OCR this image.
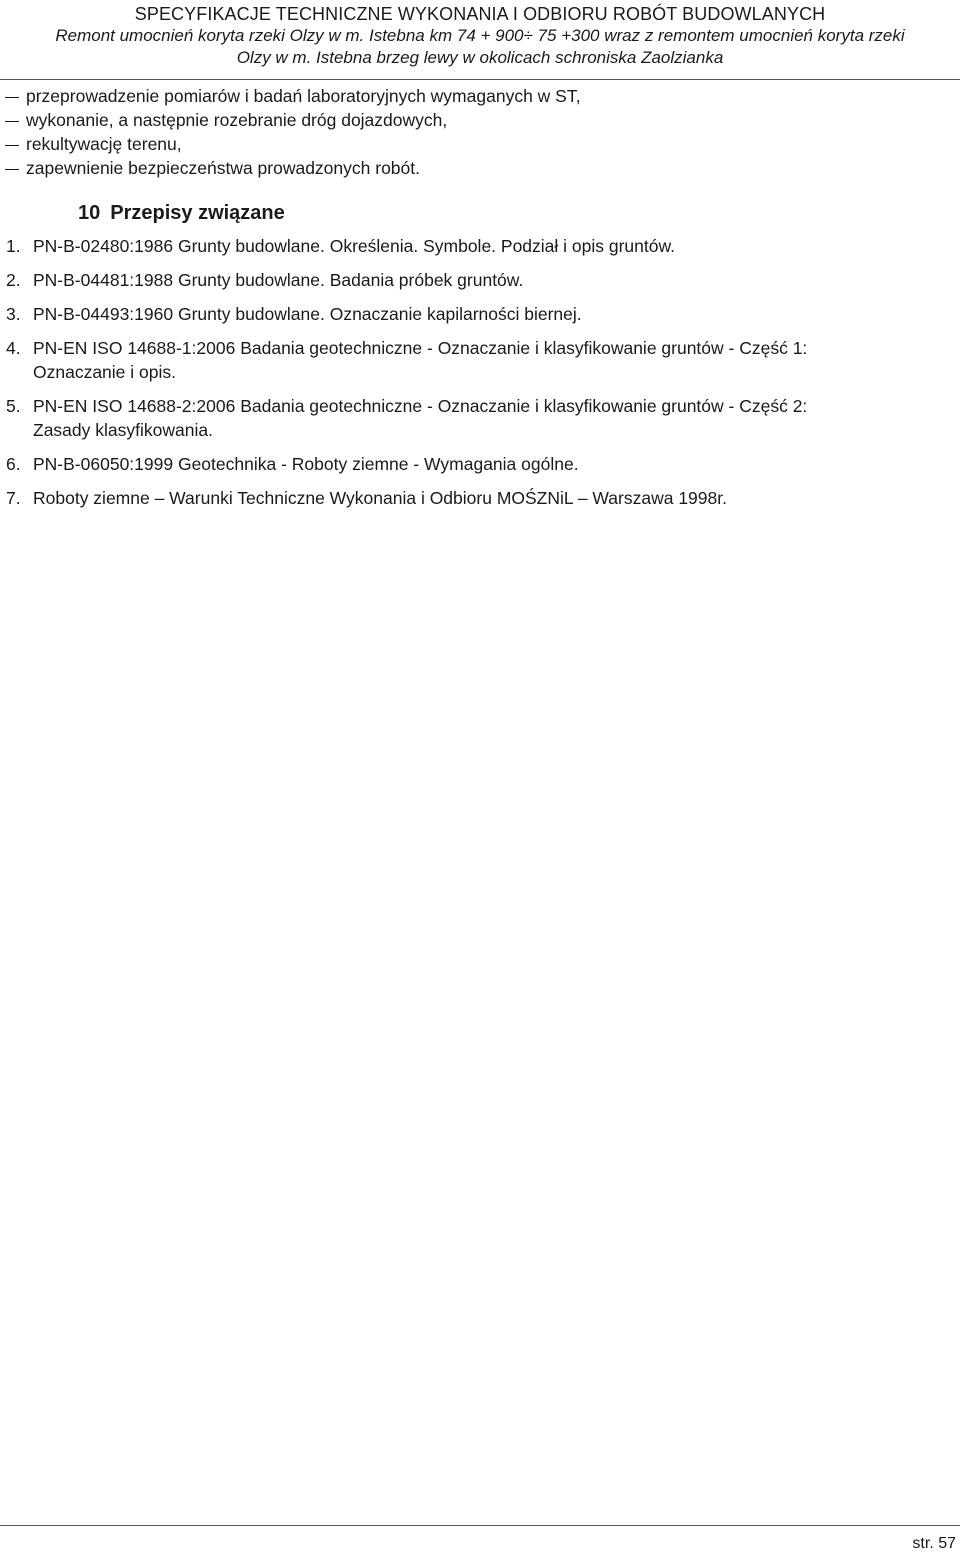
SPECYFIKACJE TECHNICZNE WYKONANIA I ODBIORU ROBÓT BUDOWLANYCH
Remont umocnień koryta rzeki Olzy w m. Istebna km 74 + 900÷ 75 +300 wraz z remontem umocnień koryta rzeki
Olzy w m. Istebna brzeg lewy w okolicach schroniska Zaolzianka
przeprowadzenie pomiarów i badań laboratoryjnych wymaganych w ST,
wykonanie, a następnie rozebranie dróg dojazdowych,
rekultywację terenu,
zapewnienie bezpieczeństwa prowadzonych robót.
10 Przepisy związane
1. PN-B-02480:1986 Grunty budowlane. Określenia. Symbole. Podział i opis gruntów.
2. PN-B-04481:1988 Grunty budowlane. Badania próbek gruntów.
3. PN-B-04493:1960 Grunty budowlane. Oznaczanie kapilarności biernej.
4. PN-EN ISO 14688-1:2006 Badania geotechniczne - Oznaczanie i klasyfikowanie gruntów - Część 1:
Oznaczanie i opis.
5. PN-EN ISO 14688-2:2006 Badania geotechniczne - Oznaczanie i klasyfikowanie gruntów - Część 2:
Zasady klasyfikowania.
6. PN-B-06050:1999 Geotechnika - Roboty ziemne - Wymagania ogólne.
7. Roboty ziemne – Warunki Techniczne Wykonania i Odbioru MOŚZNiL – Warszawa 1998r.
str. 57
